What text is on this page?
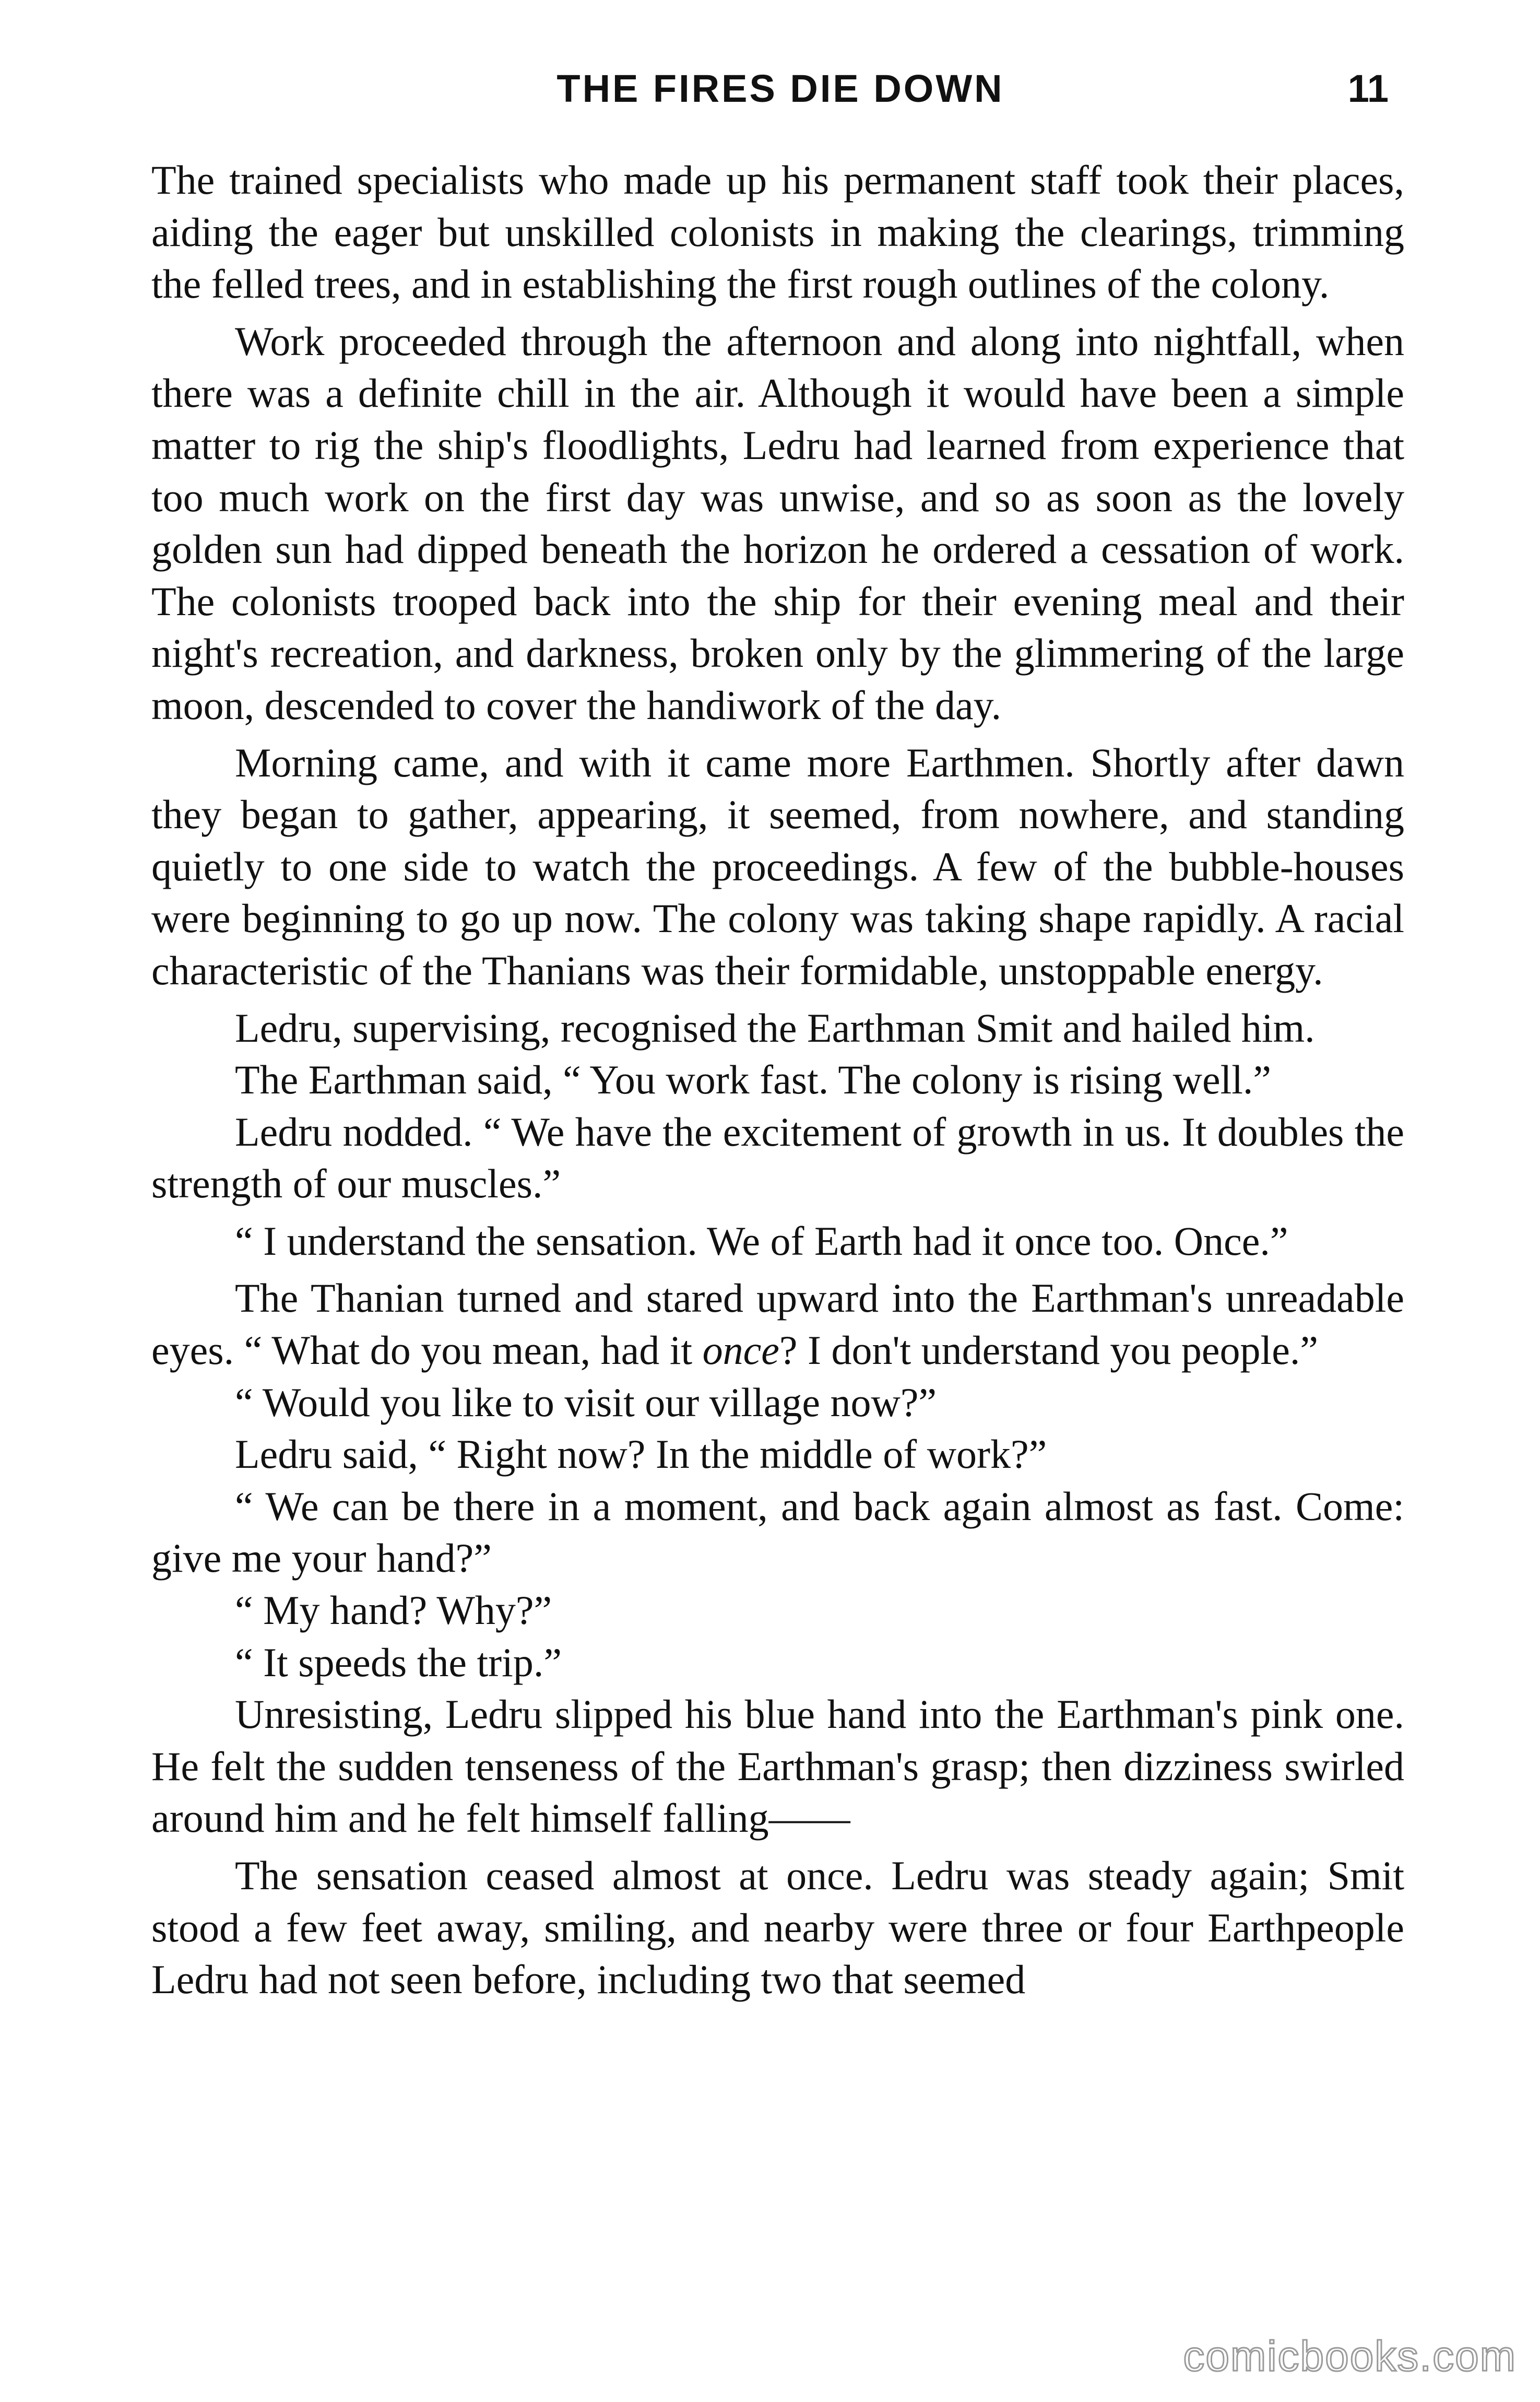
THE FIRES DIE DOWN	11

The trained specialists who made up his permanent staff took their places, aiding the eager but unskilled colonists in making the clearings, trimming the felled trees, and in establishing the first rough outlines of the colony.

Work proceeded through the afternoon and along into nightfall, when there was a definite chill in the air. Although it would have been a simple matter to rig the ship's floodlights, Ledru had learned from experience that too much work on the first day was unwise, and so as soon as the lovely golden sun had dipped beneath the horizon he ordered a cessation of work. The colonists trooped back into the ship for their evening meal and their night's recreation, and darkness, broken only by the glimmering of the large moon, descended to cover the handiwork of the day.

Morning came, and with it came more Earthmen. Shortly after dawn they began to gather, appearing, it seemed, from nowhere, and standing quietly to one side to watch the proceedings. A few of the bubble-houses were beginning to go up now. The colony was taking shape rapidly. A racial characteristic of the Thanians was their formidable, unstoppable energy.

Ledru, supervising, recognised the Earthman Smit and hailed him.

The Earthman said, “ You work fast. The colony is rising well.”

Ledru nodded. “ We have the excitement of growth in us. It doubles the strength of our muscles.”

“ I understand the sensation. We of Earth had it once too. Once.”

The Thanian turned and stared upward into the Earthman's unreadable eyes. “ What do you mean, had it once? I don't understand you people.”

“ Would you like to visit our village now?”

Ledru said, “ Right now? In the middle of work?”

“ We can be there in a moment, and back again almost as fast. Come: give me your hand?”

“ My hand? Why?”

“ It speeds the trip.”

Unresisting, Ledru slipped his blue hand into the Earthman's pink one. He felt the sudden tenseness of the Earthman's grasp; then dizziness swirled around him and he felt himself falling——

The sensation ceased almost at once. Ledru was steady again; Smit stood a few feet away, smiling, and nearby were three or four Earthpeople Ledru had not seen before, including two that seemed

comicbooks.com
